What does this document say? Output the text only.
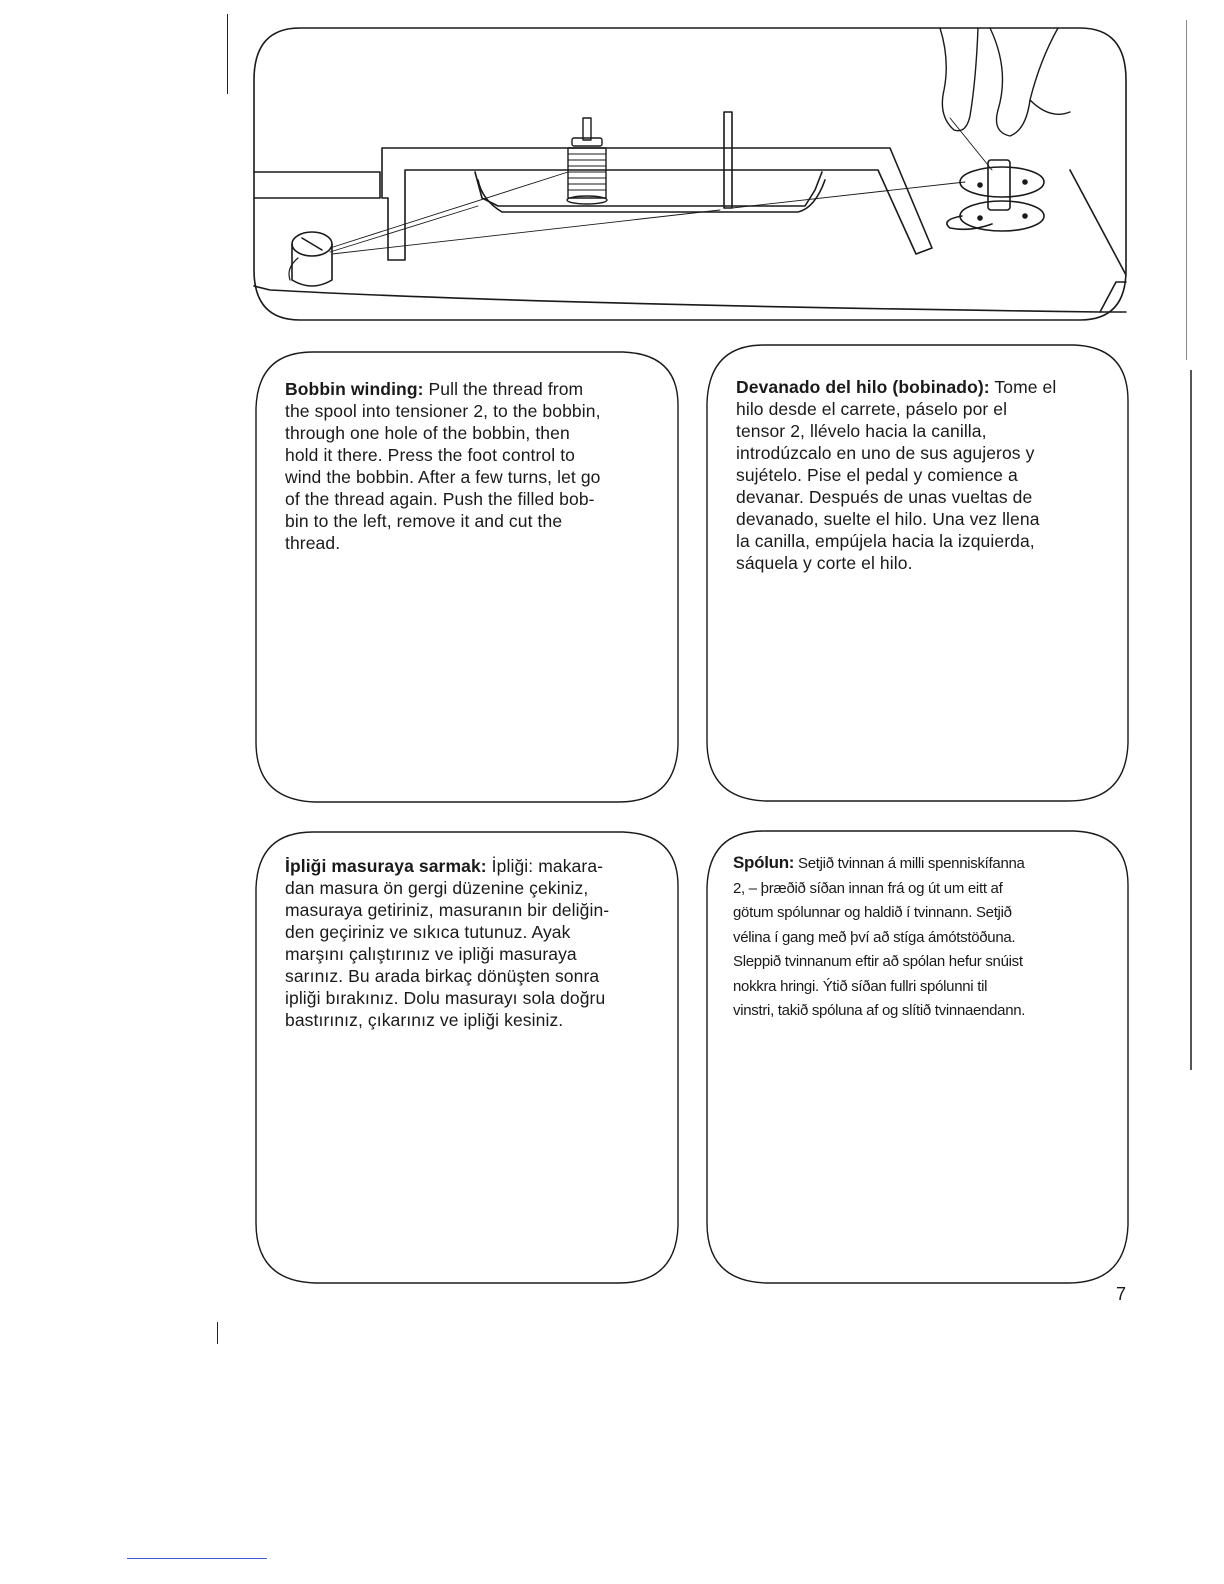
Bobbin winding: Pull the thread from
the spool into tensioner 2, to the bobbin,
through one hole of the bobbin, then
hold it there. Press the foot control to
wind the bobbin. After a few turns, let go
of the thread again. Push the filled bob-
bin to the left, remove it and cut the
thread.
Devanado del hilo (bobinado): Tome el
hilo desde el carrete, páselo por el
tensor 2, llévelo hacia la canilla,
introdúzcalo en uno de sus agujeros y
sujételo. Pise el pedal y comience a
devanar. Después de unas vueltas de
devanado, suelte el hilo. Una vez llena
la canilla, empújela hacia la izquierda,
sáquela y corte el hilo.
İpliği masuraya sarmak: İpliği: makara-
dan masura ön gergi düzenine çekiniz,
masuraya getiriniz, masuranın bir deliğin-
den geçiriniz ve sıkıca tutunuz. Ayak
marşını çalıştırınız ve ipliği masuraya
sarınız. Bu arada birkaç dönüşten sonra
ipliği bırakınız. Dolu masurayı sola doğru
bastırınız, çıkarınız ve ipliği kesiniz.
Spólun: Setjið tvinnan á milli spenniskífanna
2, – þræðið síðan innan frá og út um eitt af
götum spólunnar og haldið í tvinnann. Setjið
vélina í gang með því að stíga ámótstöðuna.
Sleppið tvinnanum eftir að spólan hefur snúist
nokkra hringi. Ýtið síðan fullri spólunni til
vinstri, takið spóluna af og slítið tvinnaendann.
7
